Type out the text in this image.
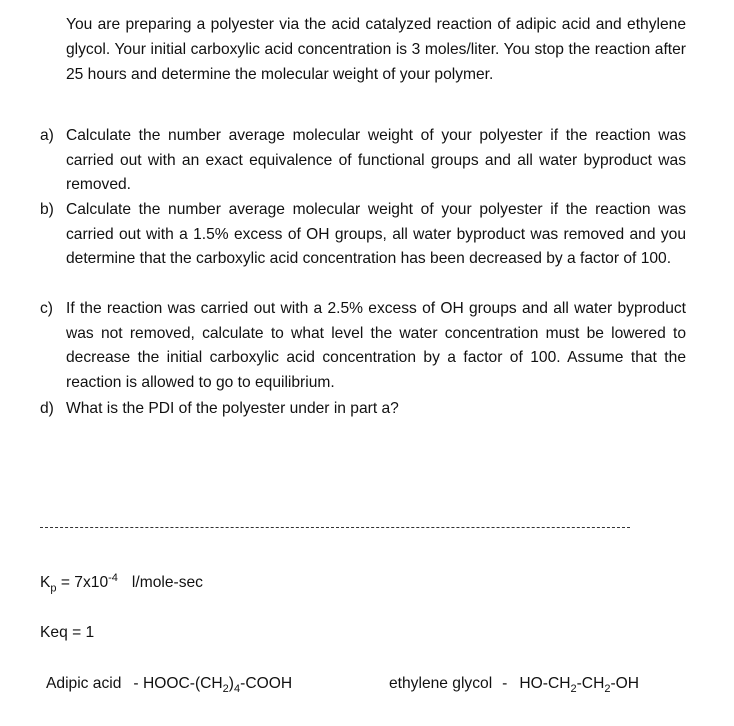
You are preparing a polyester via the acid catalyzed reaction of adipic acid and ethylene glycol. Your initial carboxylic acid concentration is 3 moles/liter. You stop the reaction after 25 hours and determine the molecular weight of your polymer.
a) Calculate the number average molecular weight of your polyester if the reaction was carried out with an exact equivalence of functional groups and all water byproduct was removed.
b) Calculate the number average molecular weight of your polyester if the reaction was carried out with a 1.5% excess of OH groups, all water byproduct was removed and you determine that the carboxylic acid concentration has been decreased by a factor of 100.
c) If the reaction was carried out with a 2.5% excess of OH groups and all water byproduct was not removed, calculate to what level the water concentration must be lowered to decrease the initial carboxylic acid concentration by a factor of 100. Assume that the reaction is allowed to go to equilibrium.
d) What is the PDI of the polyester under in part a?
$K_p = 7x10^{-4}$ l/mole-sec
Keq = 1
Adipic acid - HOOC-$(CH_2)_4$-COOH	ethylene glycol - $HO-CH_2-CH_2-OH$
